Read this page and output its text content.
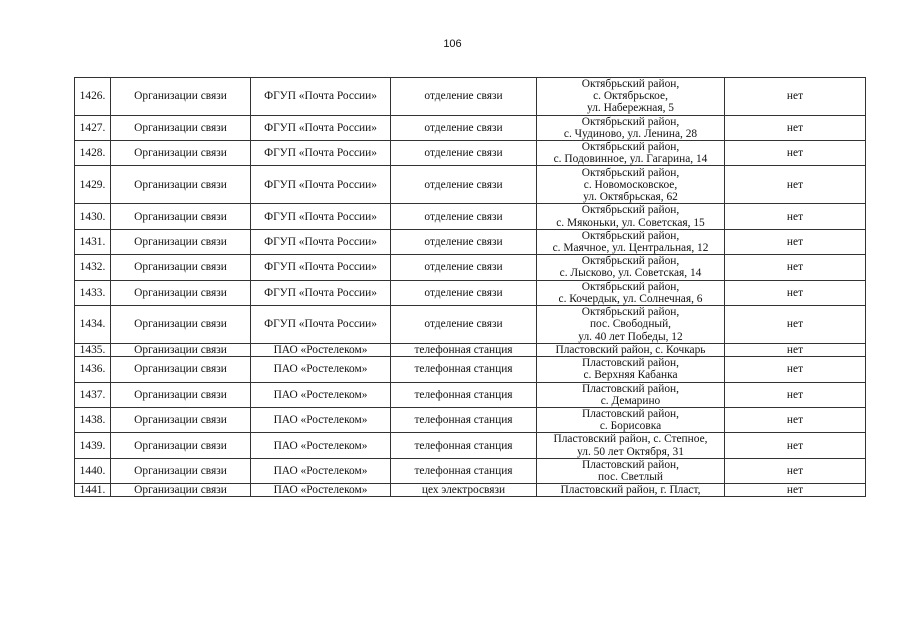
106
1426.	Организации связи	ФГУП «Почта России»	отделение связи	Октябрьский район,
с. Октябрьское,
ул. Набережная, 5	нет
1427.	Организации связи	ФГУП «Почта России»	отделение связи	Октябрьский район,
с. Чудиново, ул. Ленина, 28	нет
1428.	Организации связи	ФГУП «Почта России»	отделение связи	Октябрьский район,
с. Подовинное, ул. Гагарина, 14	нет
1429.	Организации связи	ФГУП «Почта России»	отделение связи	Октябрьский район,
с. Новомосковское,
ул. Октябрьская, 62	нет
1430.	Организации связи	ФГУП «Почта России»	отделение связи	Октябрьский район,
с. Мяконьки, ул. Советская, 15	нет
1431.	Организации связи	ФГУП «Почта России»	отделение связи	Октябрьский район,
с. Маячное, ул. Центральная, 12	нет
1432.	Организации связи	ФГУП «Почта России»	отделение связи	Октябрьский район,
с. Лысково, ул. Советская, 14	нет
1433.	Организации связи	ФГУП «Почта России»	отделение связи	Октябрьский район,
с. Кочердык, ул. Солнечная, 6	нет
1434.	Организации связи	ФГУП «Почта России»	отделение связи	Октябрьский район,
пос. Свободный,
ул. 40 лет Победы, 12	нет
1435.	Организации связи	ПАО «Ростелеком»	телефонная станция	Пластовский район, с. Кочкарь	нет
1436.	Организации связи	ПАО «Ростелеком»	телефонная станция	Пластовский район,
с. Верхняя Кабанка	нет
1437.	Организации связи	ПАО «Ростелеком»	телефонная станция	Пластовский район,
с. Демарино	нет
1438.	Организации связи	ПАО «Ростелеком»	телефонная станция	Пластовский район,
с. Борисовка	нет
1439.	Организации связи	ПАО «Ростелеком»	телефонная станция	Пластовский район, с. Степное,
ул. 50 лет Октября, 31	нет
1440.	Организации связи	ПАО «Ростелеком»	телефонная станция	Пластовский район,
пос. Светлый	нет
1441.	Организации связи	ПАО «Ростелеком»	цех электросвязи	Пластовский район, г. Пласт,	нет
